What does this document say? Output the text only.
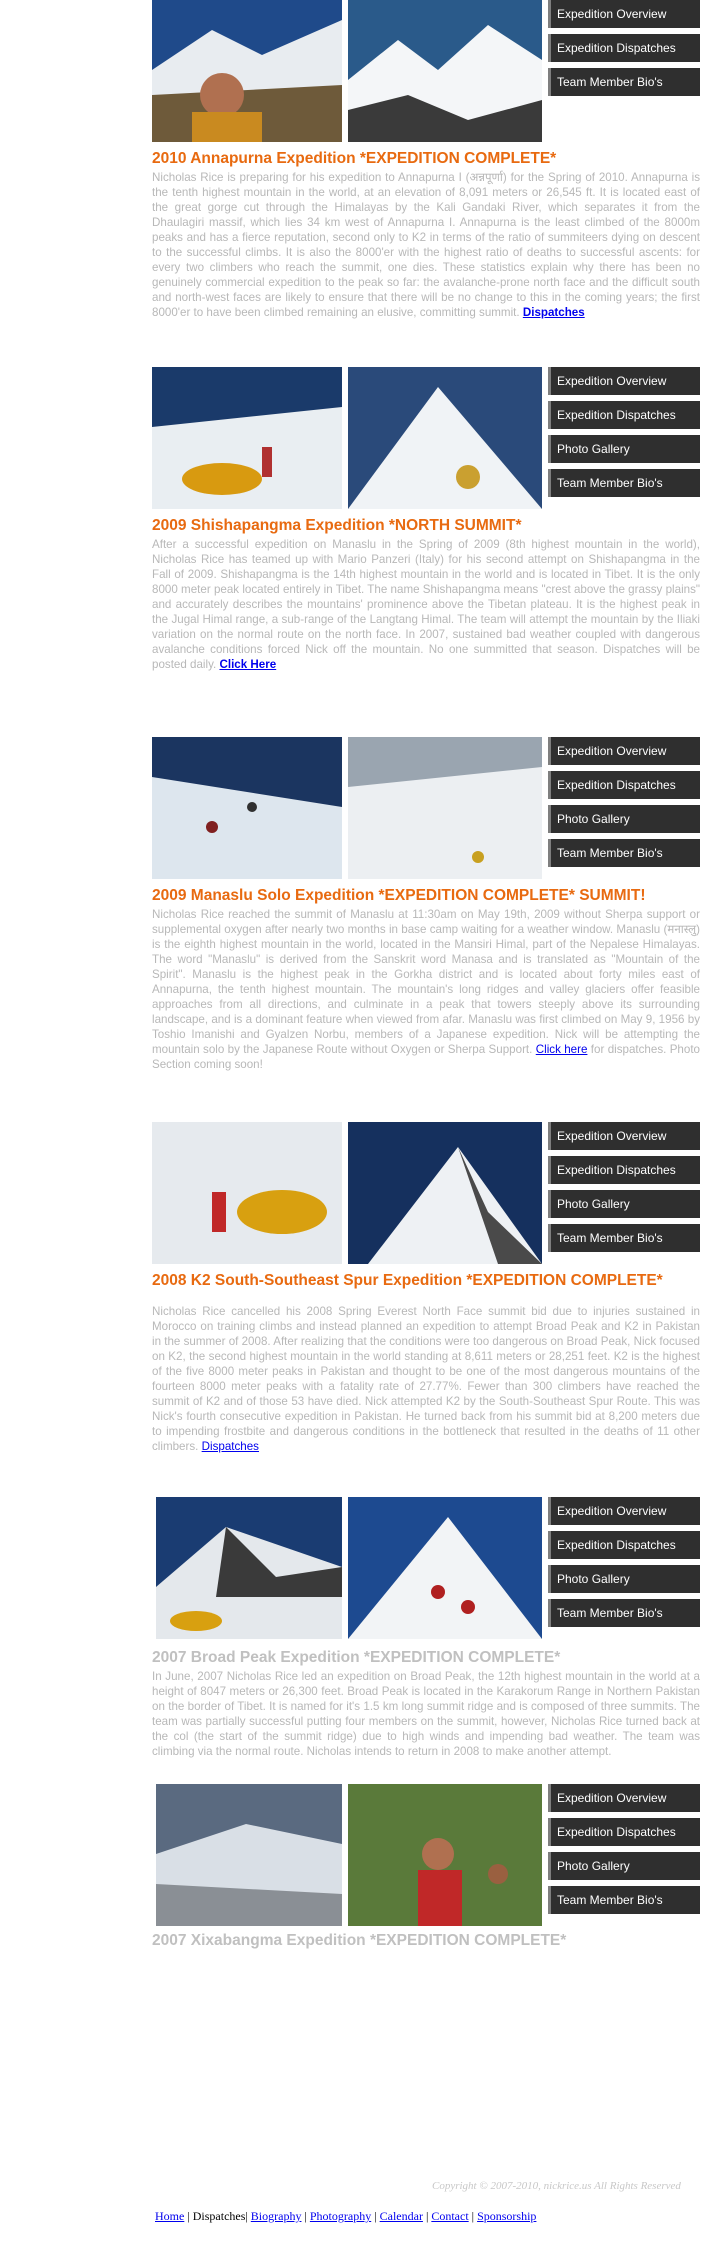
Expedition Overview
Expedition Dispatches
Team Member Bio's
2010 Annapurna Expedition *EXPEDITION COMPLETE*

Nicholas Rice is preparing for his expedition to Annapurna I (अन्नपूर्णा) for the Spring of 2010. Annapurna is the tenth highest mountain in the world, at an elevation of 8,091 meters or 26,545 ft. It is located east of the great gorge cut through the Himalayas by the Kali Gandaki River, which separates it from the Dhaulagiri massif, which lies 34 km west of Annapurna I. Annapurna is the least climbed of the 8000m peaks and has a fierce reputation, second only to K2 in terms of the ratio of summiteers dying on descent to the successful climbs. It is also the 8000'er with the highest ratio of deaths to successful ascents: for every two climbers who reach the summit, one dies. These statistics explain why there has been no genuinely commercial expedition to the peak so far: the avalanche-prone north face and the difficult south and north-west faces are likely to ensure that there will be no change to this in the coming years; the first 8000'er to have been climbed remaining an elusive, committing summit. Dispatches

Expedition Overview
Expedition Dispatches
Photo Gallery
Team Member Bio's
2009 Shishapangma Expedition *NORTH SUMMIT*

After a successful expedition on Manaslu in the Spring of 2009 (8th highest mountain in the world), Nicholas Rice has teamed up with Mario Panzeri (Italy) for his second attempt on Shishapangma in the Fall of 2009. Shishapangma is the 14th highest mountain in the world and is located in Tibet. It is the only 8000 meter peak located entirely in Tibet. The name Shishapangma means "crest above the grassy plains" and accurately describes the mountains' prominence above the Tibetan plateau. It is the highest peak in the Jugal Himal range, a sub-range of the Langtang Himal. The team will attempt the mountain by the Iliaki variation on the normal route on the north face. In 2007, sustained bad weather coupled with dangerous avalanche conditions forced Nick off the mountain. No one summitted that season. Dispatches will be posted daily. Click Here

Expedition Overview
Expedition Dispatches
Photo Gallery
Team Member Bio's
2009 Manaslu Solo Expedition *EXPEDITION COMPLETE* SUMMIT!

Nicholas Rice reached the summit of Manaslu at 11:30am on May 19th, 2009 without Sherpa support or supplemental oxygen after nearly two months in base camp waiting for a weather window. Manaslu (मनास्लु) is the eighth highest mountain in the world, located in the Mansiri Himal, part of the Nepalese Himalayas. The word "Manaslu" is derived from the Sanskrit word Manasa and is translated as "Mountain of the Spirit". Manaslu is the highest peak in the Gorkha district and is located about forty miles east of Annapurna, the tenth highest mountain. The mountain's long ridges and valley glaciers offer feasible approaches from all directions, and culminate in a peak that towers steeply above its surrounding landscape, and is a dominant feature when viewed from afar. Manaslu was first climbed on May 9, 1956 by Toshio Imanishi and Gyalzen Norbu, members of a Japanese expedition. Nick will be attempting the mountain solo by the Japanese Route without Oxygen or Sherpa Support. Click here for dispatches. Photo Section coming soon!

Expedition Overview
Expedition Dispatches
Photo Gallery
Team Member Bio's
2008 K2 South-Southeast Spur Expedition *EXPEDITION COMPLETE*

Nicholas Rice cancelled his 2008 Spring Everest North Face summit bid due to injuries sustained in Morocco on training climbs and instead planned an expedition to attempt Broad Peak and K2 in Pakistan in the summer of 2008. After realizing that the conditions were too dangerous on Broad Peak, Nick focused on K2, the second highest mountain in the world standing at 8,611 meters or 28,251 feet. K2 is the highest of the five 8000 meter peaks in Pakistan and thought to be one of the most dangerous mountains of the fourteen 8000 meter peaks with a fatality rate of 27.77%. Fewer than 300 climbers have reached the summit of K2 and of those 53 have died. Nick attempted K2 by the South-Southeast Spur Route. This was Nick's fourth consecutive expedition in Pakistan. He turned back from his summit bid at 8,200 meters due to impending frostbite and dangerous conditions in the bottleneck that resulted in the deaths of 11 other climbers. Dispatches

Expedition Overview
Expedition Dispatches
Photo Gallery
Team Member Bio's
2007 Broad Peak Expedition *EXPEDITION COMPLETE*

In June, 2007 Nicholas Rice led an expedition on Broad Peak, the 12th highest mountain in the world at a height of 8047 meters or 26,300 feet. Broad Peak is located in the Karakorum Range in Northern Pakistan on the border of Tibet. It is named for it's 1.5 km long summit ridge and is composed of three summits. The team was partially successful putting four members on the summit, however, Nicholas Rice turned back at the col (the start of the summit ridge) due to high winds and impending bad weather. The team was climbing via the normal route. Nicholas intends to return in 2008 to make another attempt.

Expedition Overview
Expedition Dispatches
Photo Gallery
Team Member Bio's
2007 Xixabangma Expedition *EXPEDITION COMPLETE*
Copyright © 2007-2010, nickrice.us All Rights Reserved
Home | Dispatches| Biography | Photography | Calendar | Contact | Sponsorship
